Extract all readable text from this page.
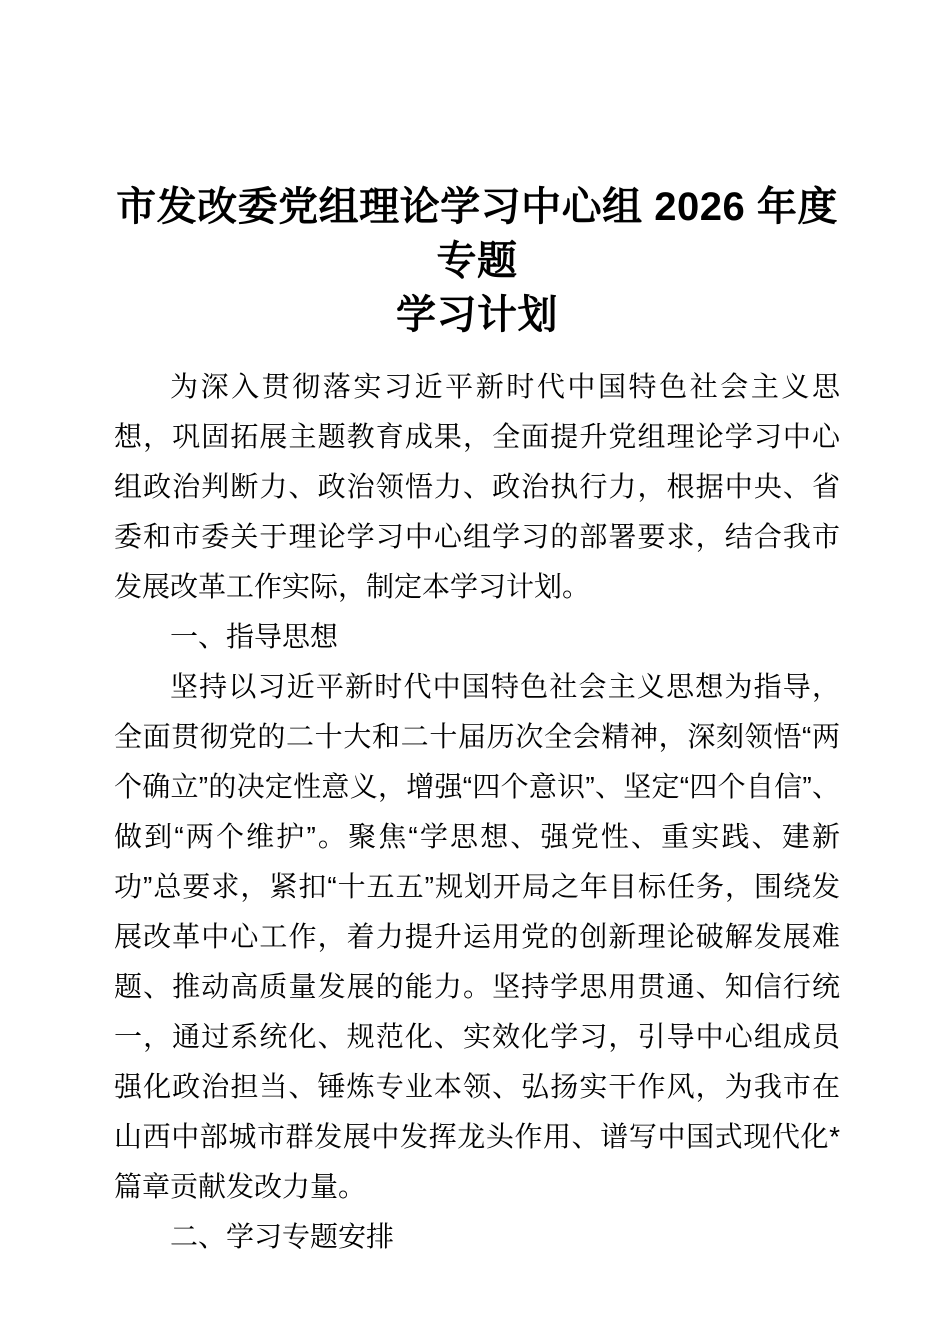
市发改委党组理论学习中心组 2026 年度专题
学习计划

为深入贯彻落实习近平新时代中国特色社会主义思想，巩固拓展主题教育成果，全面提升党组理论学习中心组政治判断力、政治领悟力、政治执行力，根据中央、省委和市委关于理论学习中心组学习的部署要求，结合我市发展改革工作实际，制定本学习计划。

一、指导思想

坚持以习近平新时代中国特色社会主义思想为指导，全面贯彻党的二十大和二十届历次全会精神，深刻领悟“两个确立”的决定性意义，增强“四个意识”、坚定“四个自信”、做到“两个维护”。聚焦“学思想、强党性、重实践、建新功”总要求，紧扣“十五五”规划开局之年目标任务，围绕发展改革中心工作，着力提升运用党的创新理论破解发展难题、推动高质量发展的能力。坚持学思用贯通、知信行统一，通过系统化、规范化、实效化学习，引导中心组成员强化政治担当、锤炼专业本领、弘扬实干作风，为我市在山西中部城市群发展中发挥龙头作用、谱写中国式现代化*篇章贡献发改力量。

二、学习专题安排
